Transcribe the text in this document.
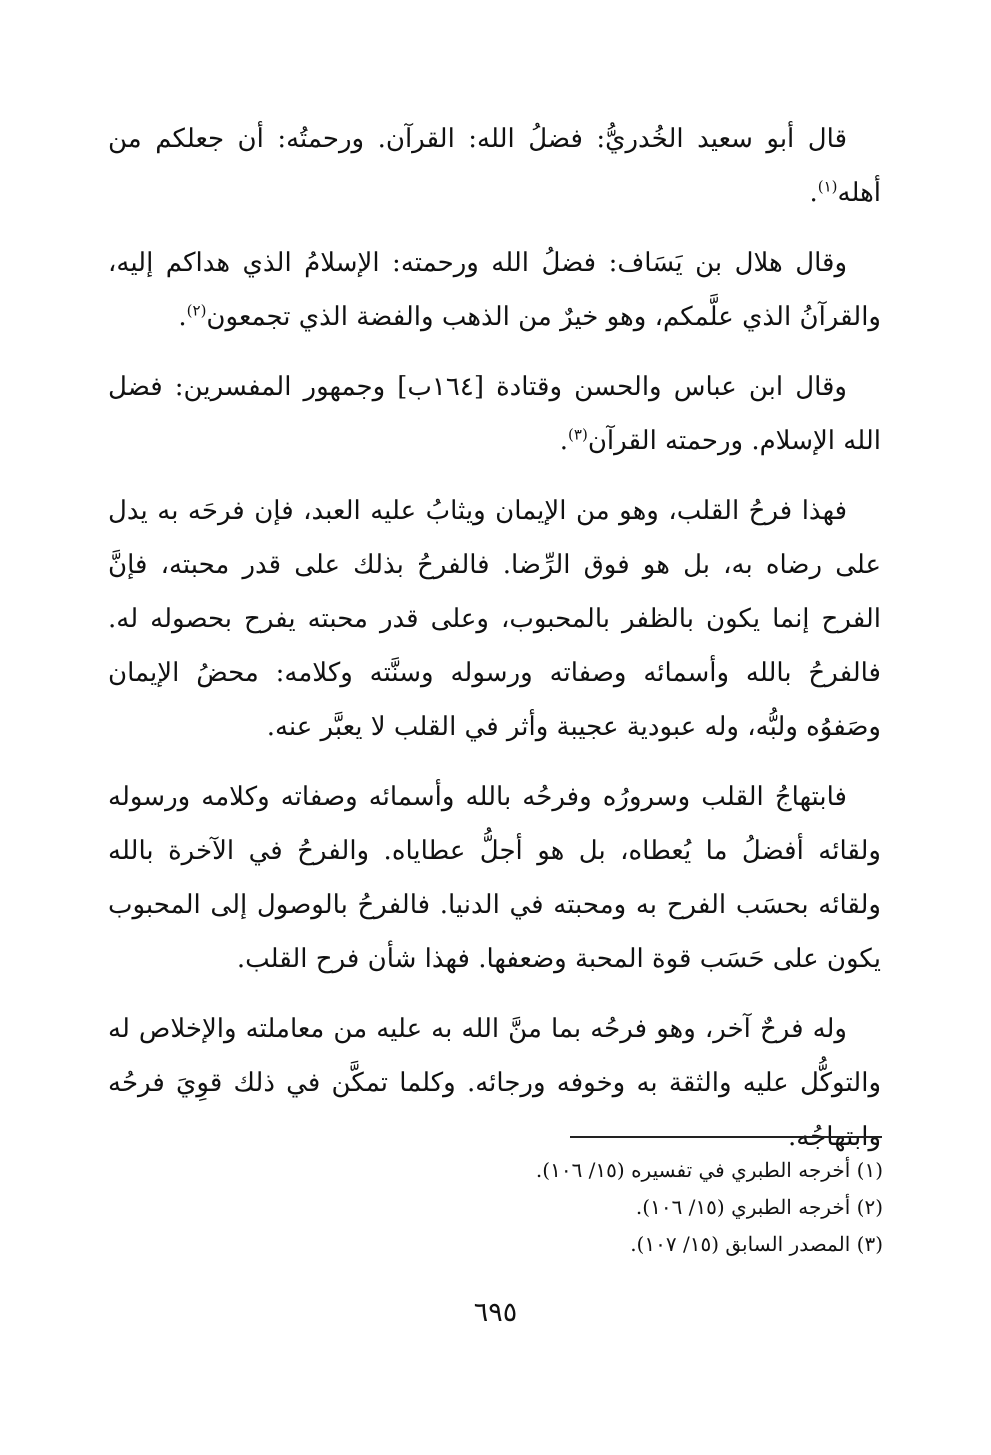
قال أبو سعيد الخُدريُّ: فضلُ الله: القرآن. ورحمتُه: أن جعلكم من أهله$^{(١)}$.

وقال هلال بن يَسَاف: فضلُ الله ورحمته: الإسلامُ الذي هداكم إليه، والقرآنُ الذي علَّمكم، وهو خيرٌ من الذهب والفضة الذي تجمعون$^{(٢)}$.

وقال ابن عباس والحسن وقتادة [١٦٤ب] وجمهور المفسرين: فضل الله الإسلام. ورحمته القرآن$^{(٣)}$.

فهذا فرحُ القلب، وهو من الإيمان ويثابُ عليه العبد، فإن فرحَه به يدل على رضاه به، بل هو فوق الرِّضا. فالفرحُ بذلك على قدر محبته، فإنَّ الفرح إنما يكون بالظفر بالمحبوب، وعلى قدر محبته يفرح بحصوله له. فالفرحُ بالله وأسمائه وصفاته ورسوله وسنَّته وكلامه: محضُ الإيمان وصَفوُه ولبُّه، وله عبودية عجيبة وأثر في القلب لا يعبَّر عنه.

فابتهاجُ القلب وسرورُه وفرحُه بالله وأسمائه وصفاته وكلامه ورسوله ولقائه أفضلُ ما يُعطاه، بل هو أجلُّ عطاياه. والفرحُ في الآخرة بالله ولقائه بحسَب الفرح به ومحبته في الدنيا. فالفرحُ بالوصول إلى المحبوب يكون على حَسَب قوة المحبة وضعفها. فهذا شأن فرح القلب.

وله فرحٌ آخر، وهو فرحُه بما منَّ الله به عليه من معاملته والإخلاص له والتوكُّل عليه والثقة به وخوفه ورجائه. وكلما تمكَّن في ذلك قوِيَ فرحُه وابتهاجُه.

(١) أخرجه الطبري في تفسيره (١٥/ ١٠٦).
(٢) أخرجه الطبري (١٥/ ١٠٦).
(٣) المصدر السابق (١٥/ ١٠٧).
٦٩٥
